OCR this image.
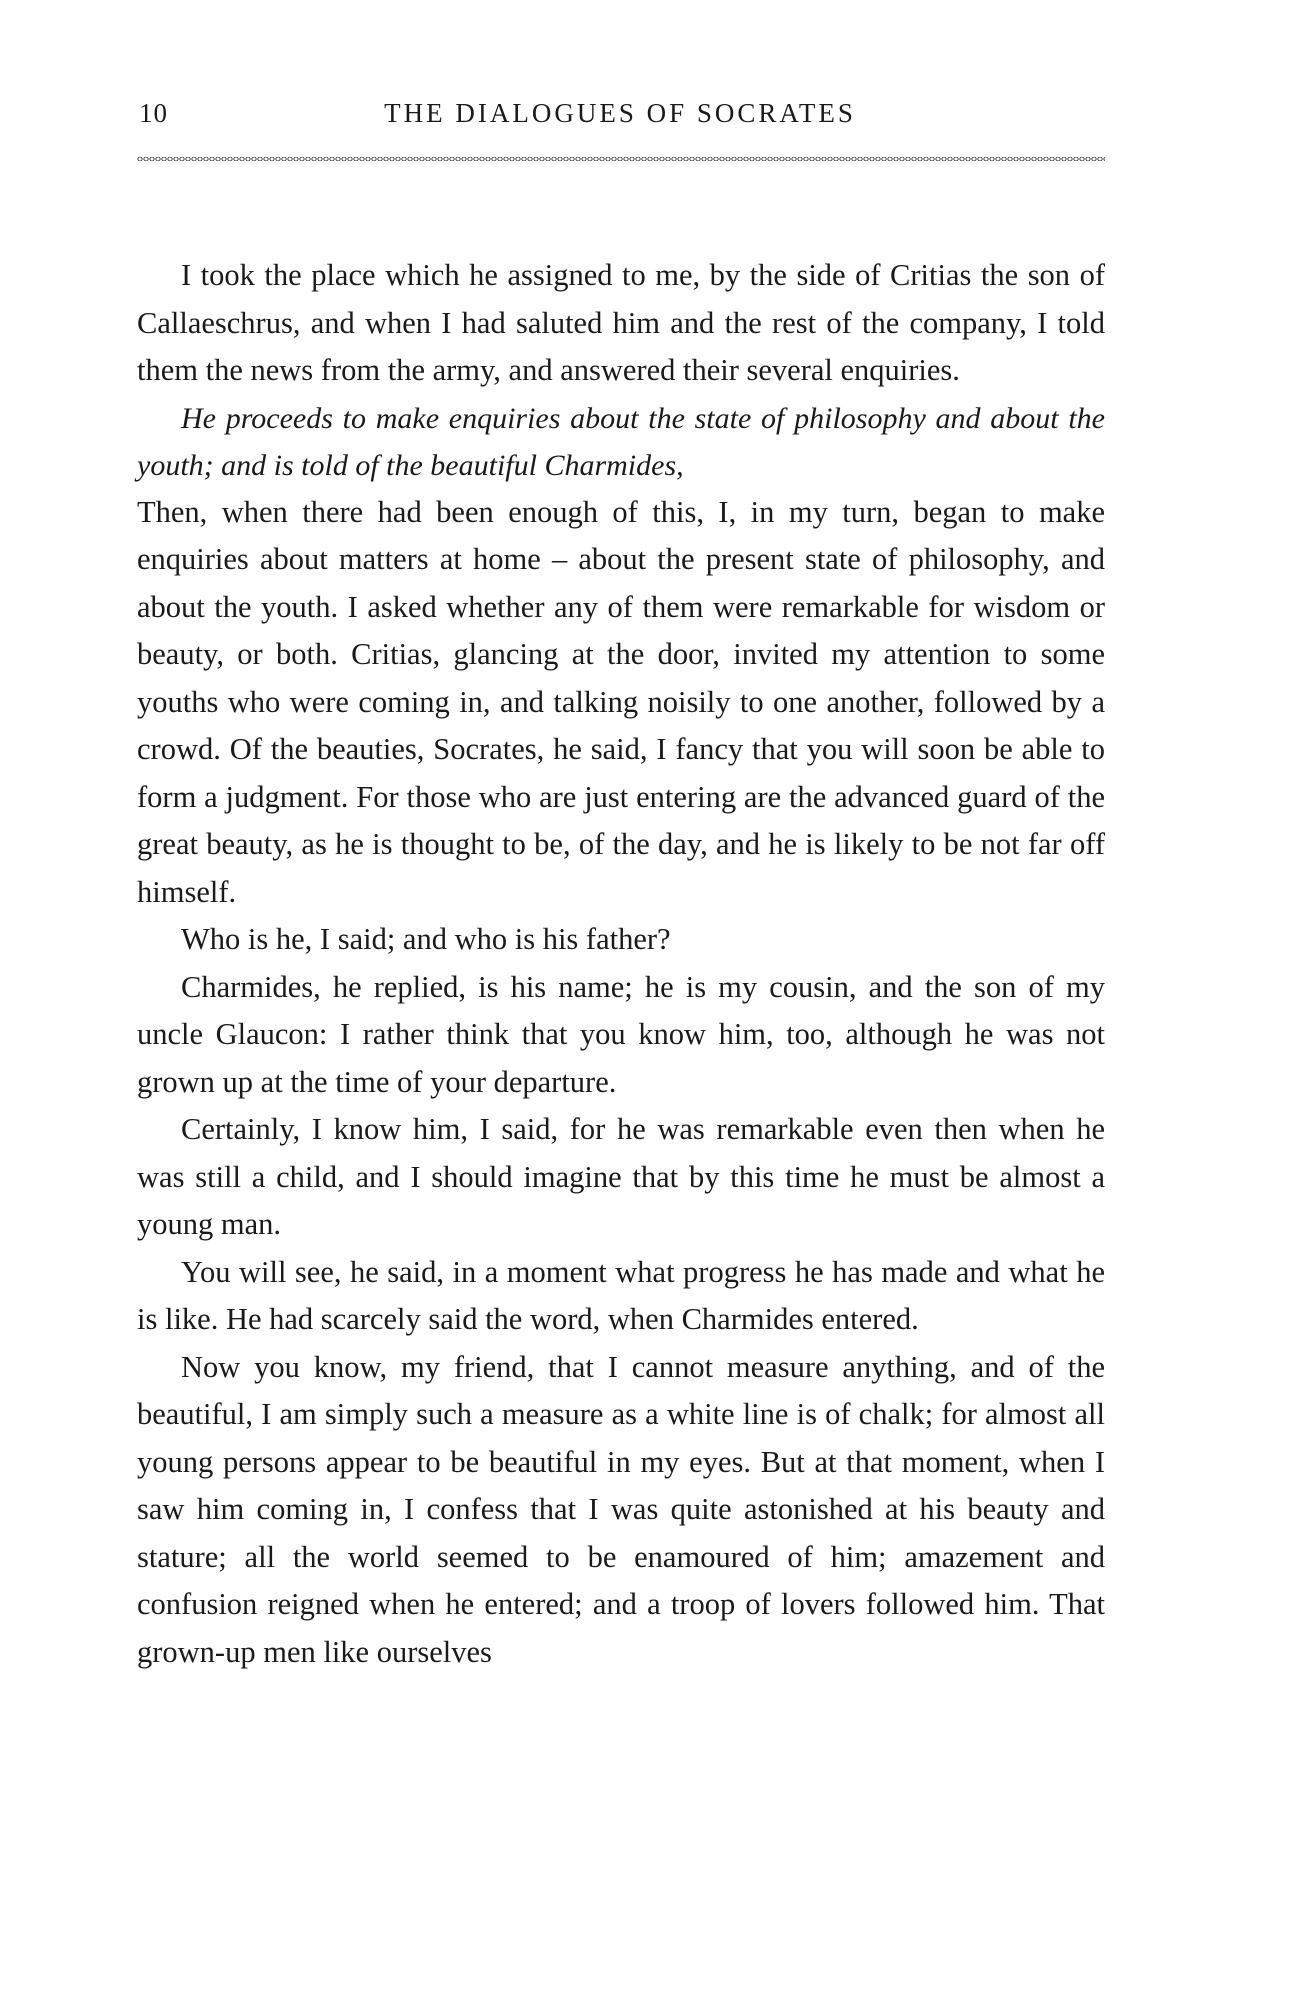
10	THE DIALOGUES OF SOCRATES

I took the place which he assigned to me, by the side of Critias the son of Callaeschrus, and when I had saluted him and the rest of the company, I told them the news from the army, and answered their several enquiries.

He proceeds to make enquiries about the state of philosophy and about the youth; and is told of the beautiful Charmides,

Then, when there had been enough of this, I, in my turn, began to make enquiries about matters at home – about the present state of philosophy, and about the youth. I asked whether any of them were remarkable for wisdom or beauty, or both. Critias, glancing at the door, invited my attention to some youths who were coming in, and talking noisily to one another, followed by a crowd. Of the beauties, Socrates, he said, I fancy that you will soon be able to form a judgment. For those who are just entering are the advanced guard of the great beauty, as he is thought to be, of the day, and he is likely to be not far off himself.

Who is he, I said; and who is his father?

Charmides, he replied, is his name; he is my cousin, and the son of my uncle Glaucon: I rather think that you know him, too, although he was not grown up at the time of your departure.

Certainly, I know him, I said, for he was remarkable even then when he was still a child, and I should imagine that by this time he must be almost a young man.

You will see, he said, in a moment what progress he has made and what he is like. He had scarcely said the word, when Charmides entered.

Now you know, my friend, that I cannot measure anything, and of the beautiful, I am simply such a measure as a white line is of chalk; for almost all young persons appear to be beautiful in my eyes. But at that moment, when I saw him coming in, I confess that I was quite astonished at his beauty and stature; all the world seemed to be enamoured of him; amazement and confusion reigned when he entered; and a troop of lovers followed him. That grown-up men like ourselves
